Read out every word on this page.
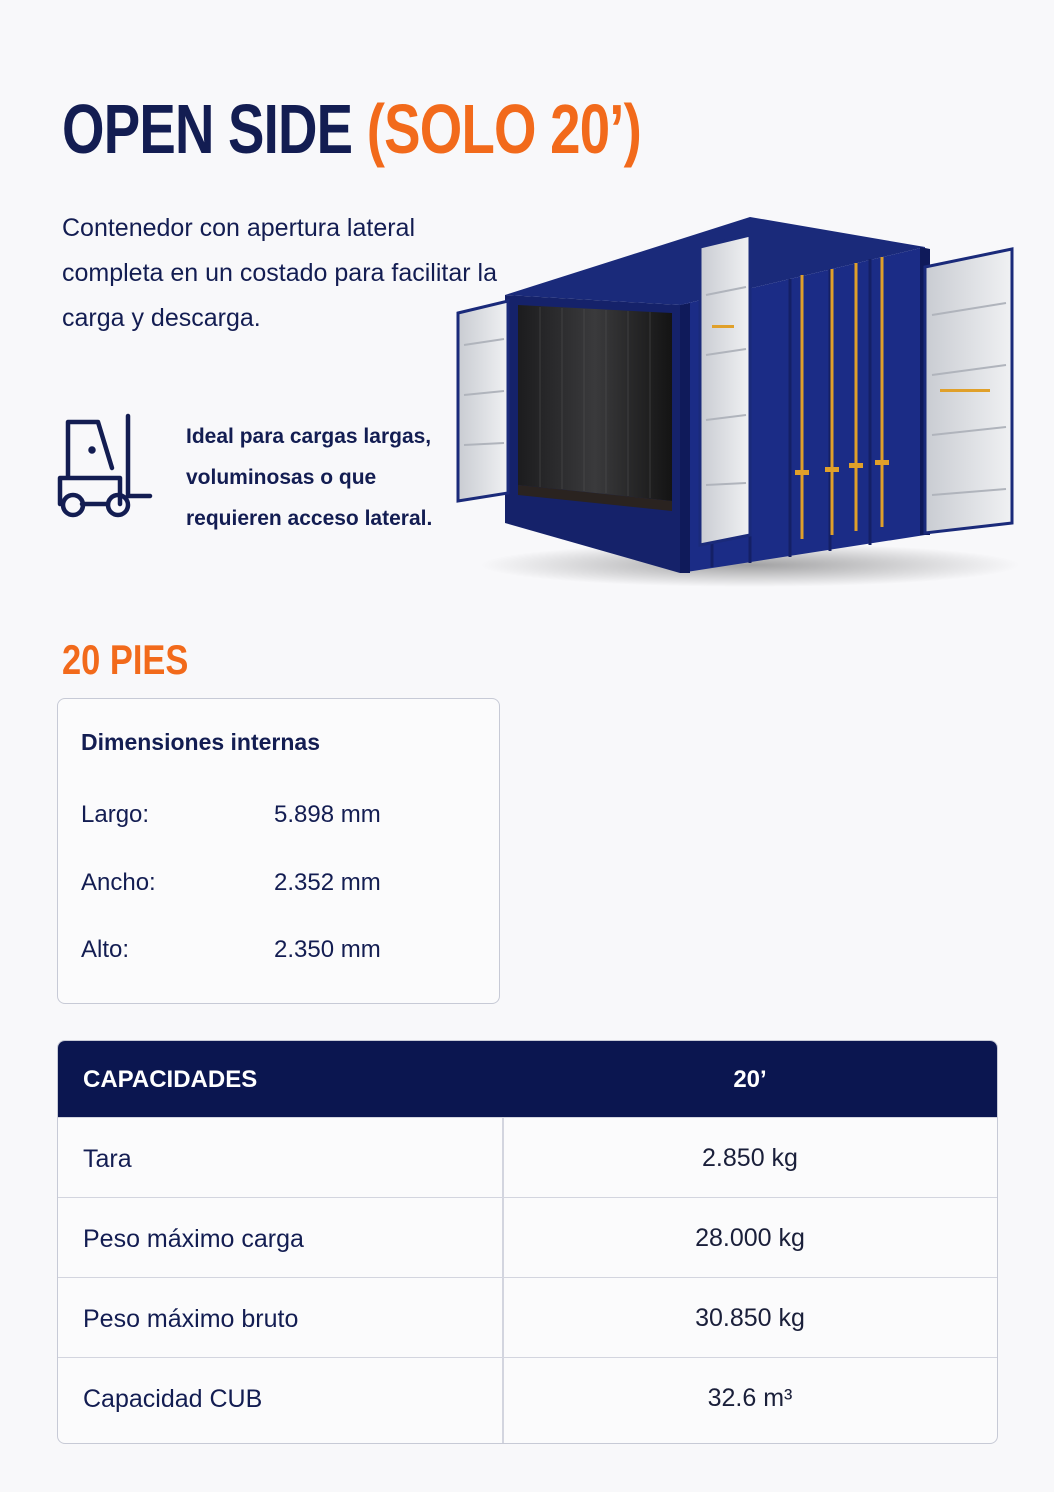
OPEN SIDE (SOLO 20’)

Contenedor con apertura lateral completa en un costado para facilitar la carga y descarga.

Ideal para cargas largas, voluminosas o que requieren acceso lateral.

20 PIES
Dimensiones internas
Largo:	5.898 mm
Ancho:	2.352 mm
Alto:	2.350 mm
CAPACIDADES	20’
Tara	2.850 kg
Peso máximo carga	28.000 kg
Peso máximo bruto	30.850 kg
Capacidad CUB	32.6 m³
